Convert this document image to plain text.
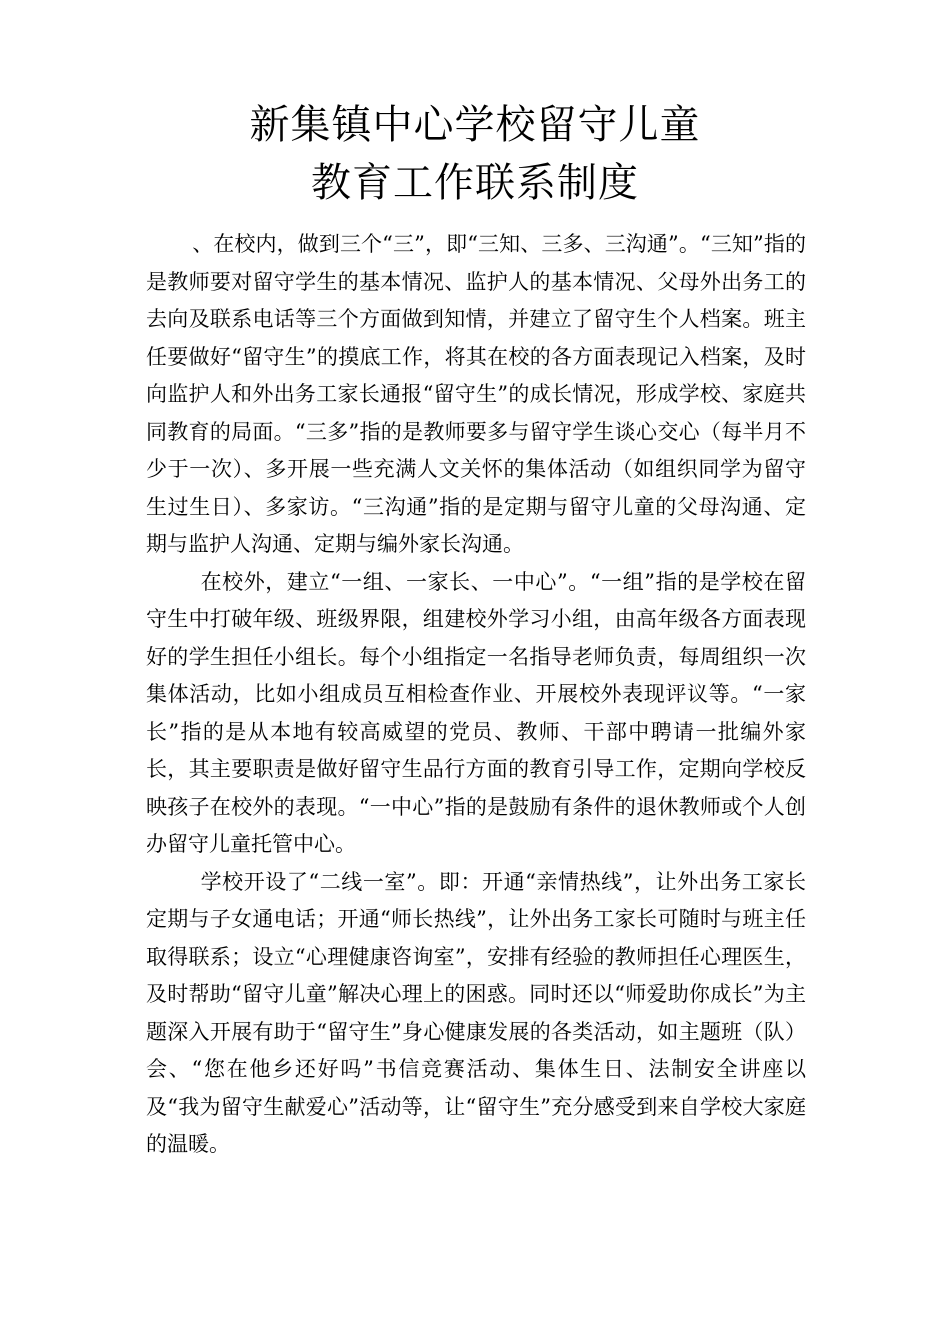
新集镇中心学校留守儿童
教育工作联系制度

、在校内，做到三个“三”，即“三知、三多、三沟通”。“三知”指的是教师要对留守学生的基本情况、监护人的基本情况、父母外出务工的去向及联系电话等三个方面做到知情，并建立了留守生个人档案。班主任要做好“留守生”的摸底工作，将其在校的各方面表现记入档案，及时向监护人和外出务工家长通报“留守生”的成长情况，形成学校、家庭共同教育的局面。“三多”指的是教师要多与留守学生谈心交心（每半月不少于一次）、多开展一些充满人文关怀的集体活动（如组织同学为留守生过生日）、多家访。“三沟通”指的是定期与留守儿童的父母沟通、定期与监护人沟通、定期与编外家长沟通。

在校外，建立“一组、一家长、一中心”。“一组”指的是学校在留守生中打破年级、班级界限，组建校外学习小组，由高年级各方面表现好的学生担任小组长。每个小组指定一名指导老师负责，每周组织一次集体活动，比如小组成员互相检查作业、开展校外表现评议等。“一家长”指的是从本地有较高威望的党员、教师、干部中聘请一批编外家长，其主要职责是做好留守生品行方面的教育引导工作，定期向学校反映孩子在校外的表现。“一中心”指的是鼓励有条件的退休教师或个人创办留守儿童托管中心。

学校开设了“二线一室”。即：开通“亲情热线”，让外出务工家长定期与子女通电话；开通“师长热线”，让外出务工家长可随时与班主任取得联系；设立“心理健康咨询室”，安排有经验的教师担任心理医生，及时帮助“留守儿童”解决心理上的困惑。同时还以“师爱助你成长”为主题深入开展有助于“留守生”身心健康发展的各类活动，如主题班（队）会、“您在他乡还好吗”书信竞赛活动、集体生日、法制安全讲座以及“我为留守生献爱心”活动等，让“留守生”充分感受到来自学校大家庭的温暖。
